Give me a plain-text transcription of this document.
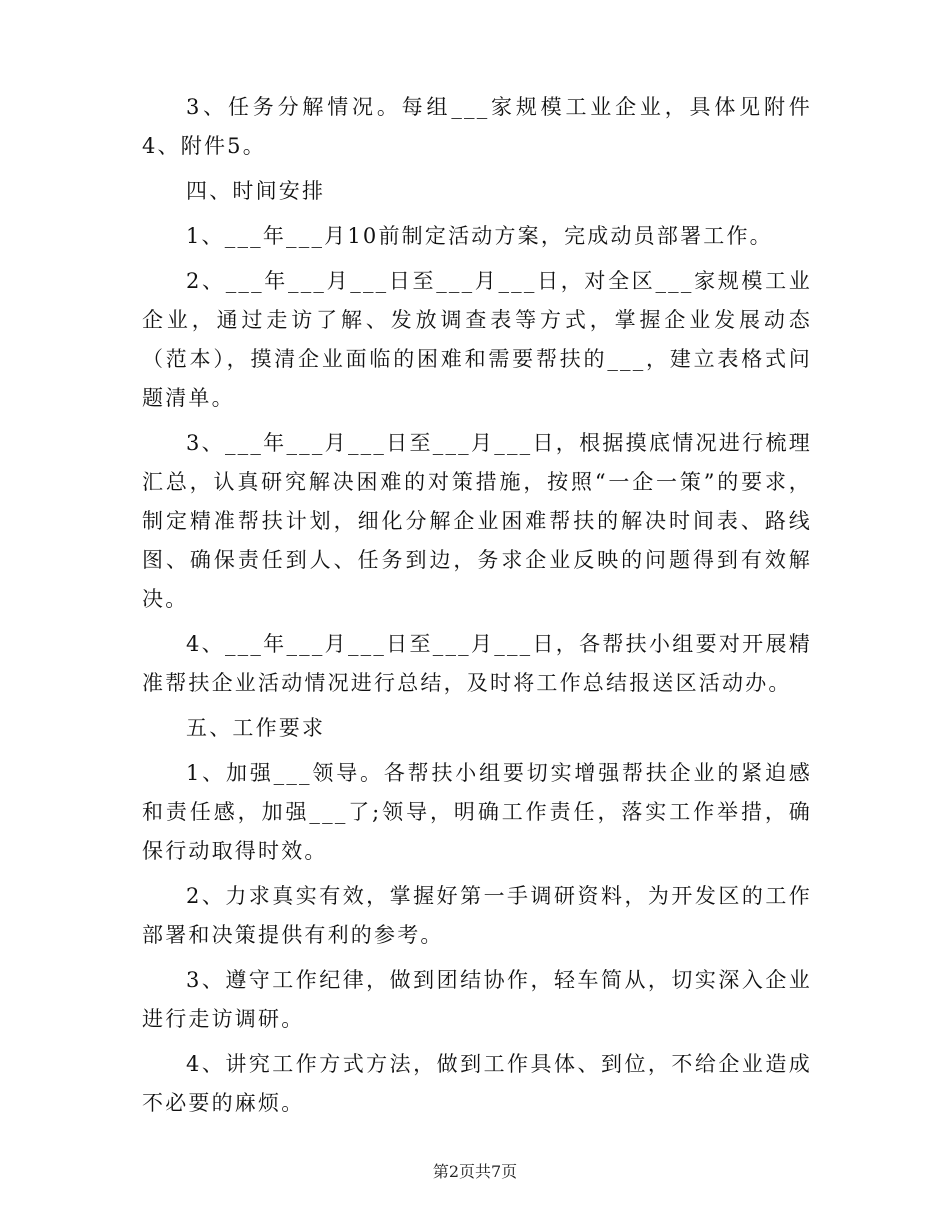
3、任务分解情况。每组___家规模工业企业，具体见附件4、附件5。

四、时间安排

1、___年___月10前制定活动方案，完成动员部署工作。

2、___年___月___日至___月___日，对全区___家规模工业企业，通过走访了解、发放调查表等方式，掌握企业发展动态（范本），摸清企业面临的困难和需要帮扶的___，建立表格式问题清单。

3、___年___月___日至___月___日，根据摸底情况进行梳理汇总，认真研究解决困难的对策措施，按照“一企一策”的要求，制定精准帮扶计划，细化分解企业困难帮扶的解决时间表、路线图、确保责任到人、任务到边，务求企业反映的问题得到有效解决。

4、___年___月___日至___月___日，各帮扶小组要对开展精准帮扶企业活动情况进行总结，及时将工作总结报送区活动办。

五、工作要求

1、加强___领导。各帮扶小组要切实增强帮扶企业的紧迫感和责任感，加强___了;领导，明确工作责任，落实工作举措，确保行动取得时效。

2、力求真实有效，掌握好第一手调研资料，为开发区的工作部署和决策提供有利的参考。

3、遵守工作纪律，做到团结协作，轻车简从，切实深入企业进行走访调研。

4、讲究工作方式方法，做到工作具体、到位，不给企业造成不必要的麻烦。

第2页共7页
